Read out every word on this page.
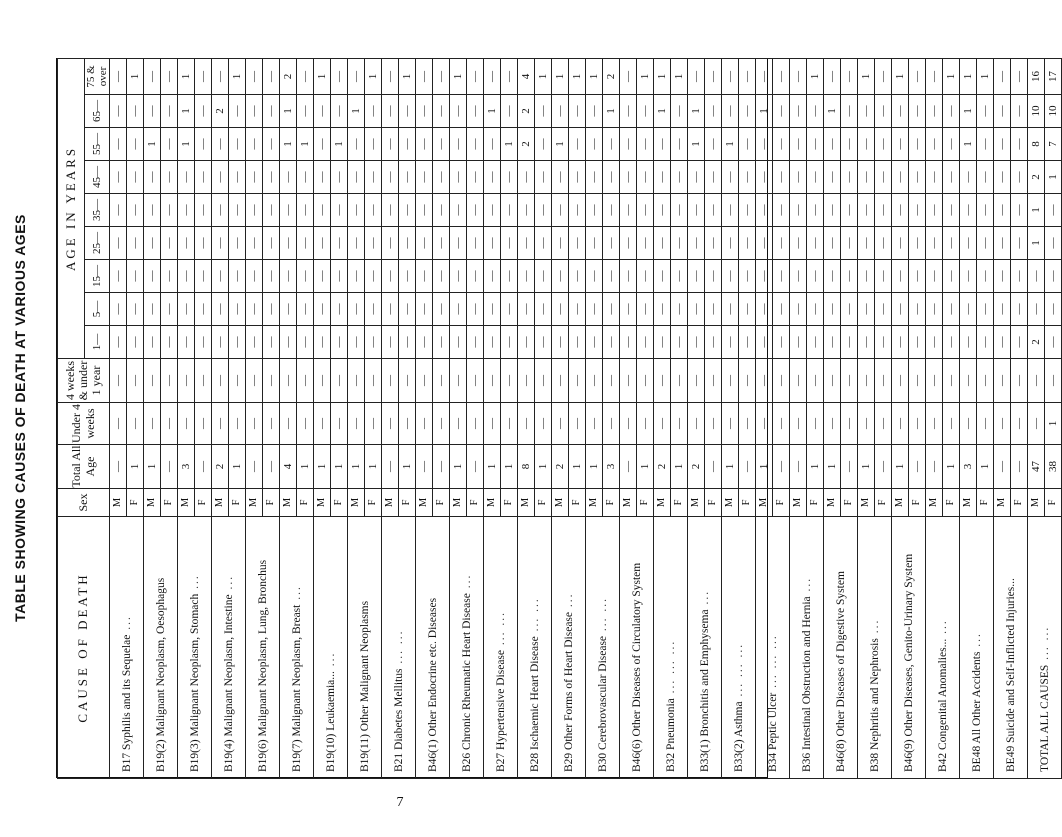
TABLE SHOWING CAUSES OF DEATH AT VARIOUS AGES
CAUSE OF DEATH	Sex	Total All Age	Under 4 weeks	4 weeks & under 1 year	AGE IN YEARS								
					1—	5—	15—	25—	35—	45—	55—	65—	75 & over
B17 Syphilis and its Sequelae ...	M	—	—	—	—	—	—	—	—	—	—	—	—
	F	1	—	—	—	—	—	—	—	—	—	—	1
B19(2) Malignant Neoplasm, Oesophagus	M	1	—	—	—	—	—	—	—	—	1	—	—
	F	—	—	—	—	—	—	—	—	—	—	—	—
B19(3) Malignant Neoplasm, Stomach ...	M	3	—	—	—	—	—	—	—	—	1	1	1
	F	—	—	—	—	—	—	—	—	—	—	—	—
B19(4) Malignant Neoplasm, Intestine ...	M	2	—	—	—	—	—	—	—	—	—	2	—
	F	1	—	—	—	—	—	—	—	—	—	—	1
B19(6) Malignant Neoplasm, Lung, Bronchus	M	—	—	—	—	—	—	—	—	—	—	—	—
	F	—	—	—	—	—	—	—	—	—	—	—	—
B19(7) Malignant Neoplasm, Breast ...	M	4	—	—	—	—	—	—	—	—	1	1	2
	F	1	—	—	—	—	—	—	—	—	1	—	—
B19(10) Leukaemia... ...	M	1	—	—	—	—	—	—	—	—	—	—	1
	F	1	—	—	—	—	—	—	—	—	1	—	—
B19(11) Other Malignant Neoplasms	M	1	—	—	—	—	—	—	—	—	—	1	—
	F	1	—	—	—	—	—	—	—	—	—	—	1
B21 Diabetes Mellitus ... ...	M	—	—	—	—	—	—	—	—	—	—	—	—
	F	1	—	—	—	—	—	—	—	—	—	—	1
B46(1) Other Endocrine etc. Diseases	M	—	—	—	—	—	—	—	—	—	—	—	—
	F	—	—	—	—	—	—	—	—	—	—	—	—
B26 Chronic Rheumatic Heart Disease ...	M	1	—	—	—	—	—	—	—	—	—	—	1
	F	—	—	—	—	—	—	—	—	—	—	—	—
B27 Hypertensive Disease ... ...	M	1	—	—	—	—	—	—	—	—	—	1	—
	F	1	—	—	—	—	—	—	—	—	1	—	—
B28 Ischaemic Heart Disease ... ...	M	8	—	—	—	—	—	—	—	—	2	2	4
	F	1	—	—	—	—	—	—	—	—	—	—	1
B29 Other Forms of Heart Disease ...	M	2	—	—	—	—	—	—	—	—	1	—	1
	F	1	—	—	—	—	—	—	—	—	—	—	1
B30 Cerebrovascular Disease ... ...	M	1	—	—	—	—	—	—	—	—	—	—	1
	F	3	—	—	—	—	—	—	—	—	—	1	2
B46(6) Other Diseases of Circulatory System	M	—	—	—	—	—	—	—	—	—	—	—	—
	F	1	—	—	—	—	—	—	—	—	—	—	1
B32 Pneumonia ... ... ...	M	2	—	—	—	—	—	—	—	—	—	1	1
	F	1	—	—	—	—	—	—	—	—	—	—	1
B33(1) Bronchitis and Emphysema ...	M	2	—	—	—	—	—	—	—	—	1	1	—
	F	—	—	—	—	—	—	—	—	—	—	—	—
B33(2) Asthma ... ... ...	M	1	—	—	—	—	—	—	—	—	1	—	—
	F	—	—	—	—	—	—	—	—	—	—	—	—
B34 Peptic Ulcer ... ... ...	M	1	—	—	—	—	—	—	—	—	—	1	—
	F	—	—	—	—	—	—	—	—	—	—	—	—
B36 Intestinal Obstruction and Hernia ...	M	—	—	—	—	—	—	—	—	—	—	—	—
	F	1	—	—	—	—	—	—	—	—	—	—	1
B46(8) Other Diseases of Digestive System	M	1	—	—	—	—	—	—	—	—	—	1	—
	F	—	—	—	—	—	—	—	—	—	—	—	—
B38 Nephritis and Nephrosis ...	M	1	—	—	—	—	—	—	—	—	—	—	1
	F	—	—	—	—	—	—	—	—	—	—	—	—
B46(9) Other Diseases, Genito-Urinary System	M	1	—	—	—	—	—	—	—	—	—	—	1
	F	—	—	—	—	—	—	—	—	—	—	—	—
B42 Congenital Anomalies... ...	M	—	—	—	—	—	—	—	—	—	—	—	—
	F	1	—	—	—	—	—	—	—	—	—	—	1
BE48 All Other Accidents ...	M	3	—	—	—	—	—	—	—	—	1	1	1
	F	1	—	—	—	—	—	—	—	—	—	—	1
BE49 Suicide and Self-Inflicted Injuries...	M	—	—	—	—	—	—	—	—	—	—	—	—
	F	—	—	—	—	—	—	—	—	—	—	—	—
TOTAL ALL CAUSES ... ...	M	47	—	—	2	—	—	1	1	2	8	10	16
	F	38	1	—	—	—	—	—	—	1	7	10	17
7
